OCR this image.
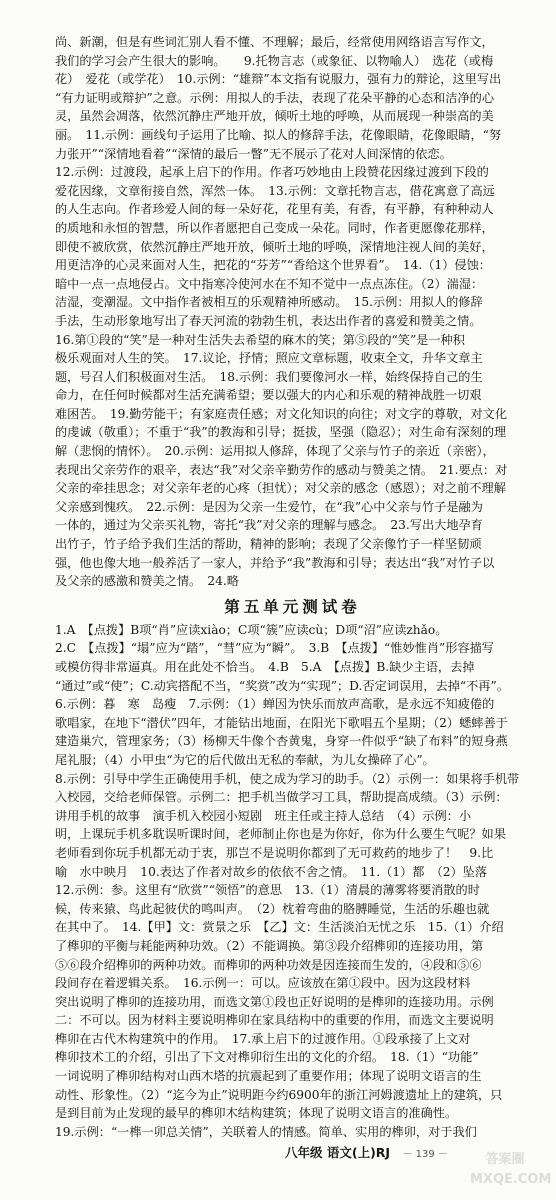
尚、新潮，但是有些词汇别人看不懂、不理解；最后，经常使用网络语言写作文，
我们的学习会产生很大的影响。　　9.托物言志（或象征、以物喻人）　选花（或梅
花）　爱花（或学花）　10.示例：“雄辩”本文指有说服力，强有力的辩论，这里写出
“有力证明或辩护”之意。示例：用拟人的手法，表现了花朵平静的心态和洁净的心
灵，虽然会凋落，依然沉静庄严地开放，倾听土地的呼唤，从而展现一种崇高的美
丽。　11.示例：画线句子运用了比喻、拟人的修辞手法，花像眼睛，花像眼睛，“努
力张开”“深情地看着”“深情的最后一瞥”无不展示了花对人间深情的依恋。
12.示例：过渡段，起承上启下的作用。作者巧妙地由上段赞花因缘过渡到下段的
爱花因缘，文章衔接自然，浑然一体。　13.示例：文章托物言志，借花寓意了高远
的人生志向。作者珍爱人间的每一朵好花，花里有美，有香，有平静，有种种动人
的质地和永恒的智慧，所以作者愿把自己变成一朵花。同时，作者更愿像花那样，
即使不被欣赏，依然沉静庄严地开放，倾听土地的呼唤，深情地注视人间的美好，
用更洁净的心灵来面对人生，把花的“芬芳”“香给这个世界看”。　14.（1）侵蚀：
暗中一点一点地侵占。文中指寒冷使河水在不知不觉中一点点冻住。（2）湍湿：
洁湿，变潮湿。文中指作者被相互的乐观精神所感动。　15.示例：用拟人的修辞
手法，生动形象地写出了春天河流的勃勃生机，表达出作者的喜爱和赞美之情。
16.第①段的“笑”是一种对生活失去希望的麻木的笑；第⑤段的“笑”是一种积
极乐观面对人生的笑。　17.议论，抒情；照应文章标题，收束全文，升华文章主
题，号召人们积极面对生活。　18.示例：我们要像河水一样，始终保持自己的生
命力，在任何时候都对生活充满希望；要以强大的内心和乐观的精神战胜一切艰
难困苦。　19.勤劳能干；有家庭责任感；对文化知识的向往；对文字的尊敬，对文化
的虔诚（敬重）；不重于“我”的教海和引导；挺拔，坚强（隐忍）；对生命有深刻的理
解（悲悯的情怀）。　20.示例：运用拟人修辞，体现了父亲与竹子的亲近（亲密），
表现出父亲劳作的艰辛，表达“我”对父亲辛勤劳作的感动与赞美之情。　21.要点：对
父亲的牵挂思念；对父亲年老的心疼（担忧）；对父亲的感念（感恩）；对之前不理解
父亲感到愧疚。　22.示例：是因为父亲一生爱竹，在“我”心中父亲与竹子是融为
一体的，通过为父亲买礼物，寄托“我”对父亲的理解与感念。　23.写出大地孕育
出竹子，竹子给予我们生活的帮助，精神的影响；表现了父亲像竹子一样坚韧顽
强，他也像大地一般养活了一家人，并给予“我”教海和引导；表达出“我”对竹子以
及父亲的感激和赞美之情。　24.略
第五单元测试卷
1.A　【点拨】B项“肖”应读xiào；C项“簇”应读cù；D项“沼”应读zhǎo。
2.C　【点拨】“塌”应为“踏”，“彗”应为“瞬”。　3.B　【点拨】“惟妙惟肖”形容描写
或模仿得非常逼真。用在此处不恰当。　4.B　5.A　【点拨】B.缺少主语，去掉
“通过”或“使”；C.动宾搭配不当，“奖赏”改为“实现”；D.否定词误用，去掉“不再”。
6.示例：暮　寒　岛瘦　7.示例：（1）蝉因为快乐而放声高歌，是永远不知疲倦的
歌唱家，在地下“潜伏”四年，才能钻出地面，在阳光下歌唱五个星期；（2）蟋蟀善于
建造巢穴，管理家务；（3）杨柳天牛像个杏黄鬼，身穿一件似乎“缺了布料”的短身燕
尾礼服；（4）小甲虫“为它的后代做出无私的奉献，为儿女操碎了心”。
8.示例：引导中学生正确使用手机，使之成为学习的助手。（2）示例一：如果将手机带
入校园，交给老师保管。示例二：把手机当做学习工具，帮助提高成绩。（3）示例：
讲用手机的故事　演手机入校园小短剧　班主任或主持人总结　（4）示例：小
明，上课玩手机多耽误听课时间，老师制止你也是为你好，你为什么要生气呢？如果
老师看到你玩手机都无动于衷，那岂不是说明你都到了无可救药的地步了！　9.比
喻　水中映月　10.表达了作者对故乡的依依不舍之情。　11.（1）都　（2）坠落
12.示例：参。这里有“欣赏”“领悟”的意思　13.（1）清晨的薄雾将要消散的时
候，传来猿、鸟此起彼伏的鸣叫声。　（2）枕着弯曲的胳膊睡觉，生活的乐趣也就
在其中了。　14.【甲】文：赏景之乐　【乙】文：生活淡泊无忧之乐　15.（1）介绍
了榫卯的平衡与耗能两种功效。（2）不能调换。第③段介绍榫卯的连接功用，第
⑤⑥段介绍榫卯的两种功效。而榫卯的两种功效是因连接而生发的，④段和⑤⑥
段间存在着逻辑关系。　16.示例一：可以。应该放在第①段中。因为这段材料
突出说明了榫卯的连接功用，而选文第①段也正好说明的是榫卯的连接功用。示例
二：不可以。因为材料主要说明榫卯在家具结构中的重要的作用，而选文主要说明
榫卯在古代木构建筑中的作用。　17.承上启下的过渡作用。①段承接了上文对
榫卯技术工的介绍，引出了下文对榫卯衍生出的文化的介绍。　18.（1）“功能”
一词说明了榫卯结构对山西木塔的抗震起到了重要作用；体现了说明文语言的生
动性、形象性。（2）“迄今为止”说明距今约6900年的浙江河姆渡遗址上的建筑，只
是到目前为止发现的最早的榫卯木结构建筑；体现了说明文语言的准确性。
19.示例：“一榫一卯总关情”，关联着人的情感。简单、实用的榫卯，对于我们
八年级 语文(上)RJ － 139 －	答案圈
MXQE.COM
